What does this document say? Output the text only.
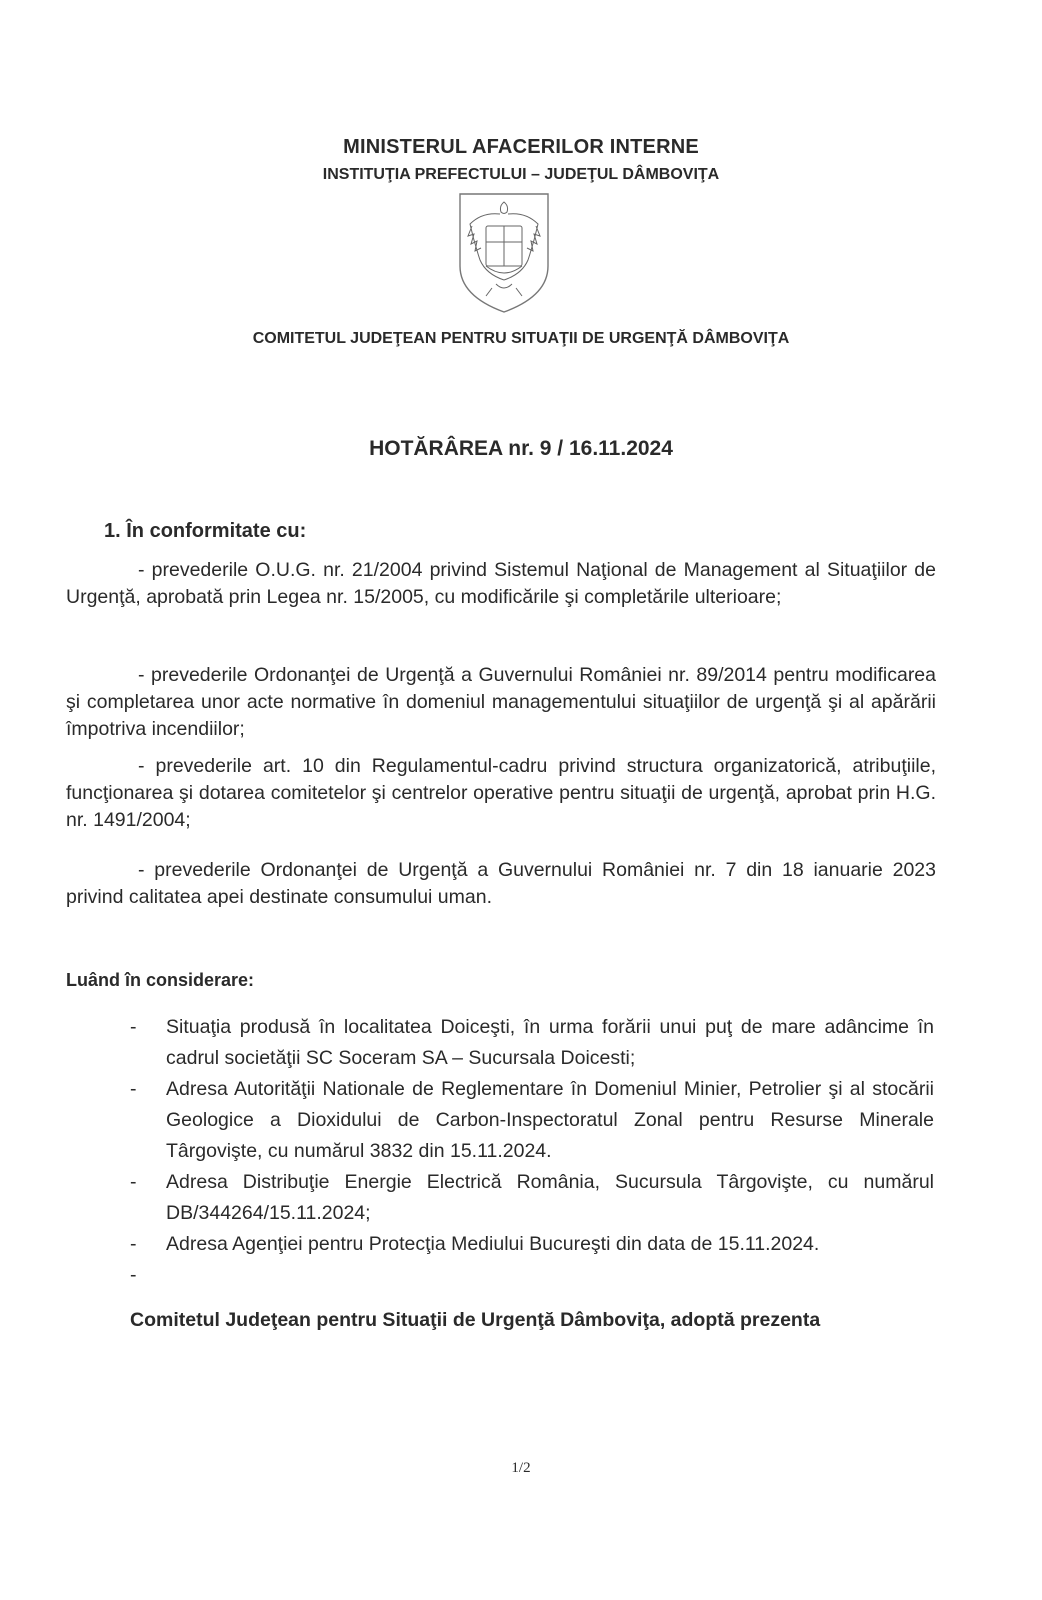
MINISTERUL AFACERILOR INTERNE
INSTITUŢIA PREFECTULUI – JUDEŢUL DÂMBOVIŢA
COMITETUL JUDEŢEAN PENTRU SITUAŢII DE URGENŢĂ DÂMBOVIŢA
HOTĂRÂREA nr. 9 / 16.11.2024

1. În conformitate cu:

- prevederile O.U.G. nr. 21/2004 privind Sistemul Naţional de Management al Situaţiilor de Urgenţă, aprobată prin Legea nr. 15/2005, cu modificările şi completările ulterioare;

- prevederile Ordonanţei de Urgenţă a Guvernului României nr. 89/2014 pentru modificarea şi completarea unor acte normative în domeniul managementului situaţiilor de urgenţă şi al apărării împotriva incendiilor;

- prevederile art. 10 din Regulamentul-cadru privind structura organizatorică, atribuţiile, funcţionarea şi dotarea comitetelor şi centrelor operative pentru situaţii de urgenţă, aprobat prin H.G. nr. 1491/2004;

- prevederile Ordonanţei de Urgenţă a Guvernului României nr. 7 din 18 ianuarie 2023 privind calitatea apei destinate consumului uman.

Luând în considerare:

- Situaţia produsă în localitatea Doiceşti, în urma forării unui puţ de mare adâncime în cadrul societăţii SC Soceram SA – Sucursala Doicesti;
- Adresa Autorităţii Nationale de Reglementare în Domeniul Minier, Petrolier şi al stocării Geologice a Dioxidului de Carbon-Inspectoratul Zonal pentru Resurse Minerale Târgovişte, cu numărul 3832 din 15.11.2024.
- Adresa Distribuţie Energie Electrică România, Sucursula Târgovişte, cu numărul DB/344264/15.11.2024;
- Adresa Agenţiei pentru Protecţia Mediului Bucureşti din data de 15.11.2024.
-

Comitetul Judeţean pentru Situaţii de Urgenţă Dâmboviţa, adoptă prezenta

1/2
